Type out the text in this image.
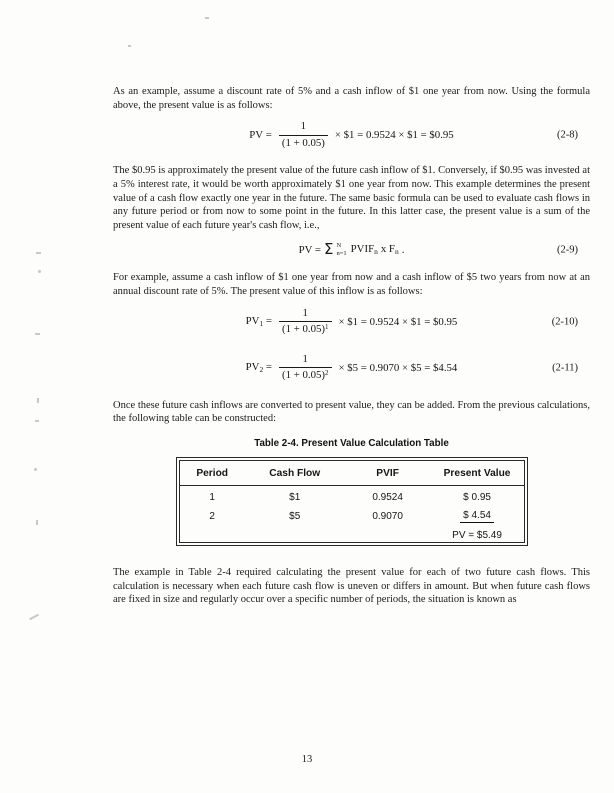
As an example, assume a discount rate of 5% and a cash inflow of $1 one year from now. Using the formula above, the present value is as follows:

PV = $\frac{1}{(1 + 0.05)}$ × $1 = 0.9524 × $1 = $0.95	(2-8)

The $0.95 is approximately the present value of the future cash inflow of $1. Conversely, if $0.95 was invested at a 5% interest rate, it would be worth approximately $1 one year from now. This example determines the present value of a cash flow exactly one year in the future. The same basic formula can be used to evaluate cash flows in any future period or from now to some point in the future. In this latter case, the present value is a sum of the present value of each future year's cash flow, i.e.,

PV = Σ N
n=1 $PVIF_n$ x $F_n$ .	(2-9)

For example, assume a cash inflow of $1 one year from now and a cash inflow of $5 two years from now at an annual discount rate of 5%. The present value of this inflow is as follows:

$PV_1 = \frac{1}{(1 + 0.05)^1}$ × $1 = 0.9524 × $1 = $0.95	(2-10)
$PV_2 = \frac{1}{(1 + 0.05)^2}$ × $5 = 0.9070 × $5 = $4.54	(2-11)

Once these future cash inflows are converted to present value, they can be added. From the previous calculations, the following table can be constructed:

Table 2-4. Present Value Calculation Table
Period	Cash Flow	PVIF	Present Value
1	$1	0.9524	$ 0.95
2	$5	0.9070	$ 4.54
			PV = $5.49

The example in Table 2-4 required calculating the present value for each of two future cash flows. This calculation is necessary when each future cash flow is uneven or differs in amount. But when future cash flows are fixed in size and regularly occur over a specific number of periods, the situation is known as

13
